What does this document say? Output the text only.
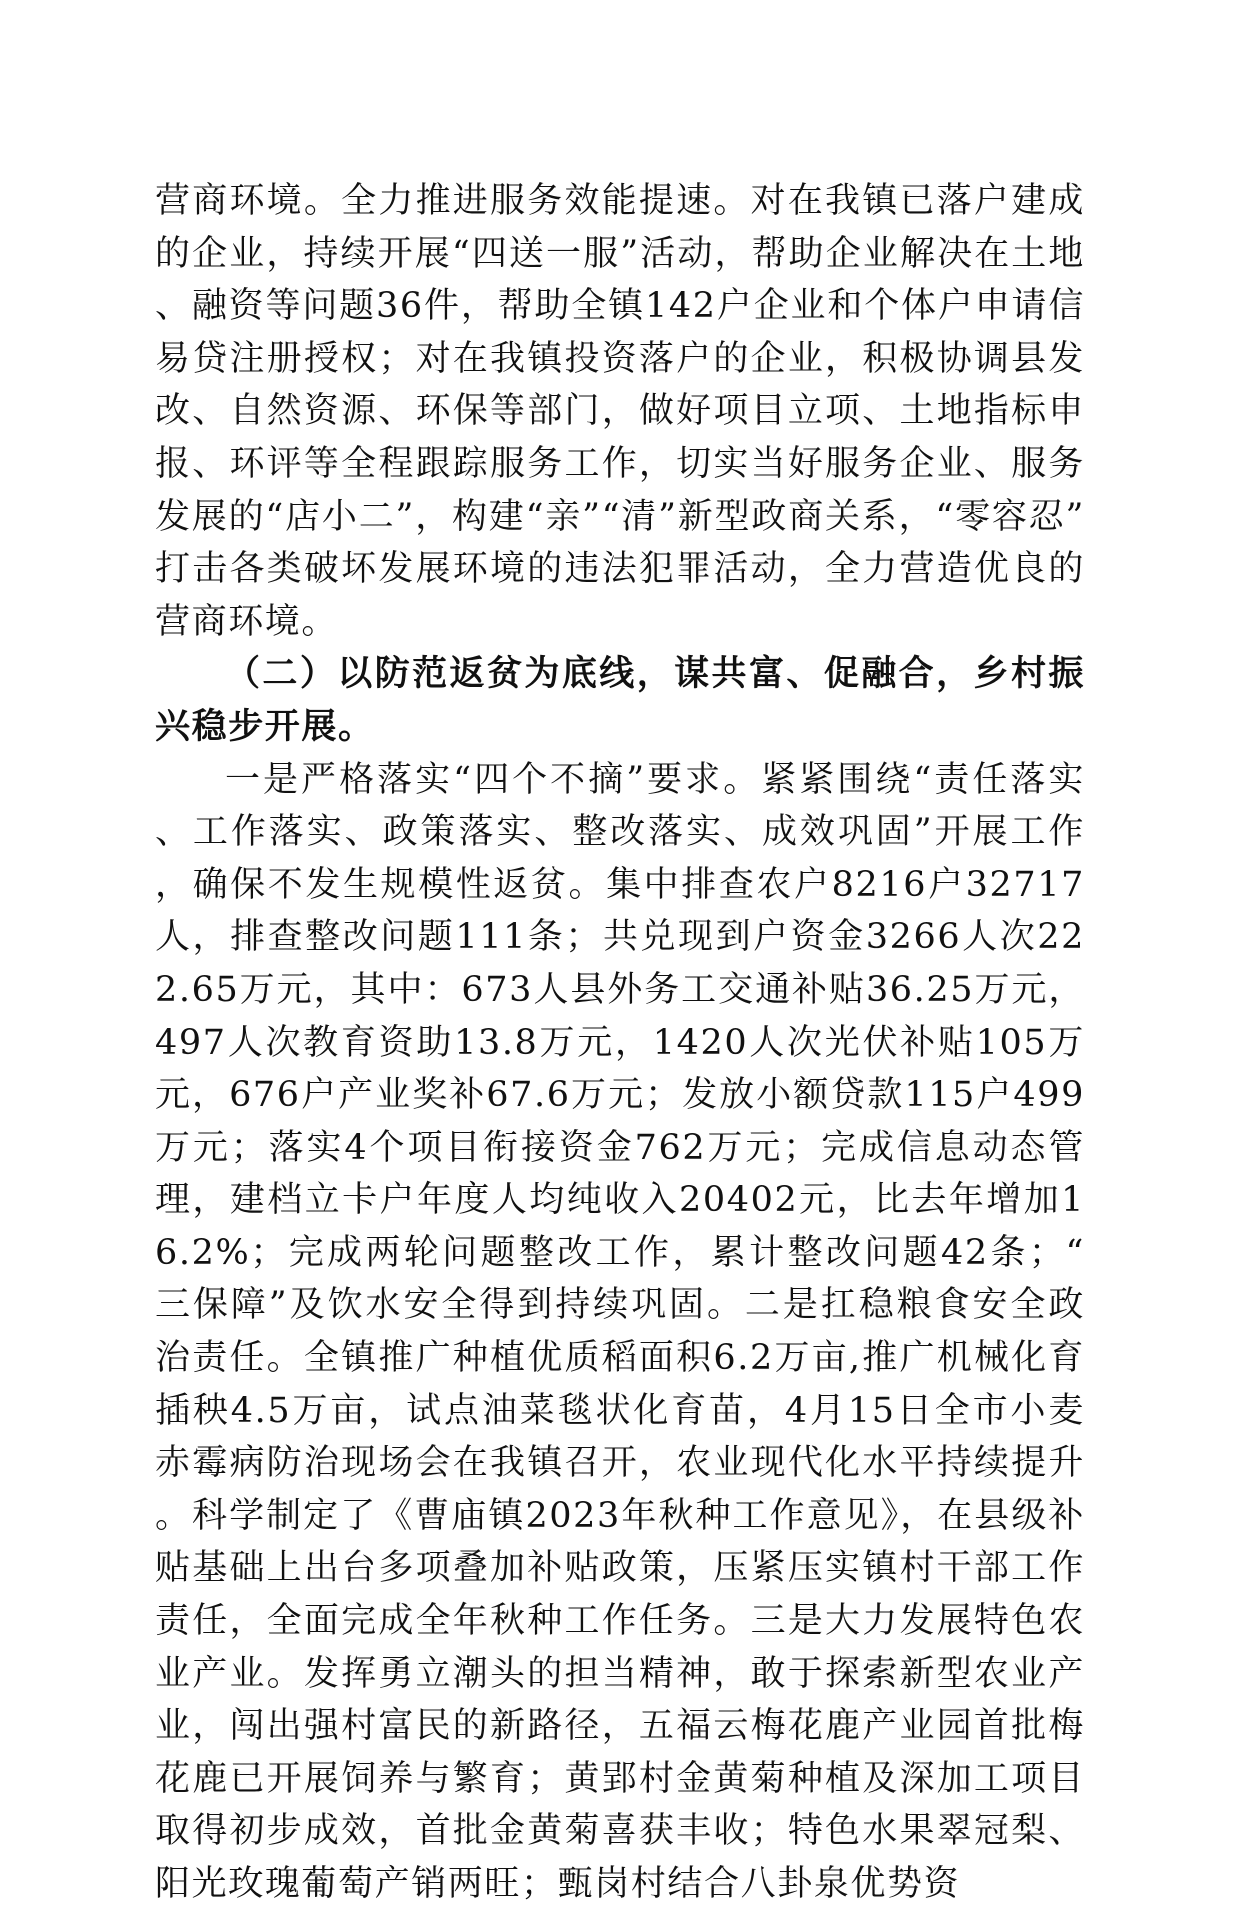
营商环境。全力推进服务效能提速。对在我镇已落户建成的企业，持续开展“四送一服”活动，帮助企业解决在土地、融资等问题36件，帮助全镇142户企业和个体户申请信易贷注册授权；对在我镇投资落户的企业，积极协调县发改、自然资源、环保等部门，做好项目立项、土地指标申报、环评等全程跟踪服务工作，切实当好服务企业、服务发展的“店小二”，构建“亲”“清”新型政商关系，“零容忍”打击各类破坏发展环境的违法犯罪活动，全力营造优良的营商环境。

（二）以防范返贫为底线，谋共富、促融合，乡村振兴稳步开展。

一是严格落实“四个不摘”要求。紧紧围绕“责任落实、工作落实、政策落实、整改落实、成效巩固”开展工作，确保不发生规模性返贫。集中排查农户8216户32717人，排查整改问题111条；共兑现到户资金3266人次222.65万元，其中：673人县外务工交通补贴36.25万元，497人次教育资助13.8万元，1420人次光伏补贴105万元，676户产业奖补67.6万元；发放小额贷款115户499万元；落实4个项目衔接资金762万元；完成信息动态管理，建档立卡户年度人均纯收入20402元，比去年增加16.2%；完成两轮问题整改工作，累计整改问题42条；“三保障”及饮水安全得到持续巩固。二是扛稳粮食安全政治责任。全镇推广种植优质稻面积6.2万亩,推广机械化育插秧4.5万亩，试点油菜毯状化育苗，4月15日全市小麦赤霉病防治现场会在我镇召开，农业现代化水平持续提升。科学制定了《曹庙镇2023年秋种工作意见》，在县级补贴基础上出台多项叠加补贴政策，压紧压实镇村干部工作责任，全面完成全年秋种工作任务。三是大力发展特色农业产业。发挥勇立潮头的担当精神，敢于探索新型农业产业，闯出强村富民的新路径，五福云梅花鹿产业园首批梅花鹿已开展饲养与繁育；黄郢村金黄菊种植及深加工项目取得初步成效，首批金黄菊喜获丰收；特色水果翠冠梨、阳光玫瑰葡萄产销两旺；甄岗村结合八卦泉优势资
